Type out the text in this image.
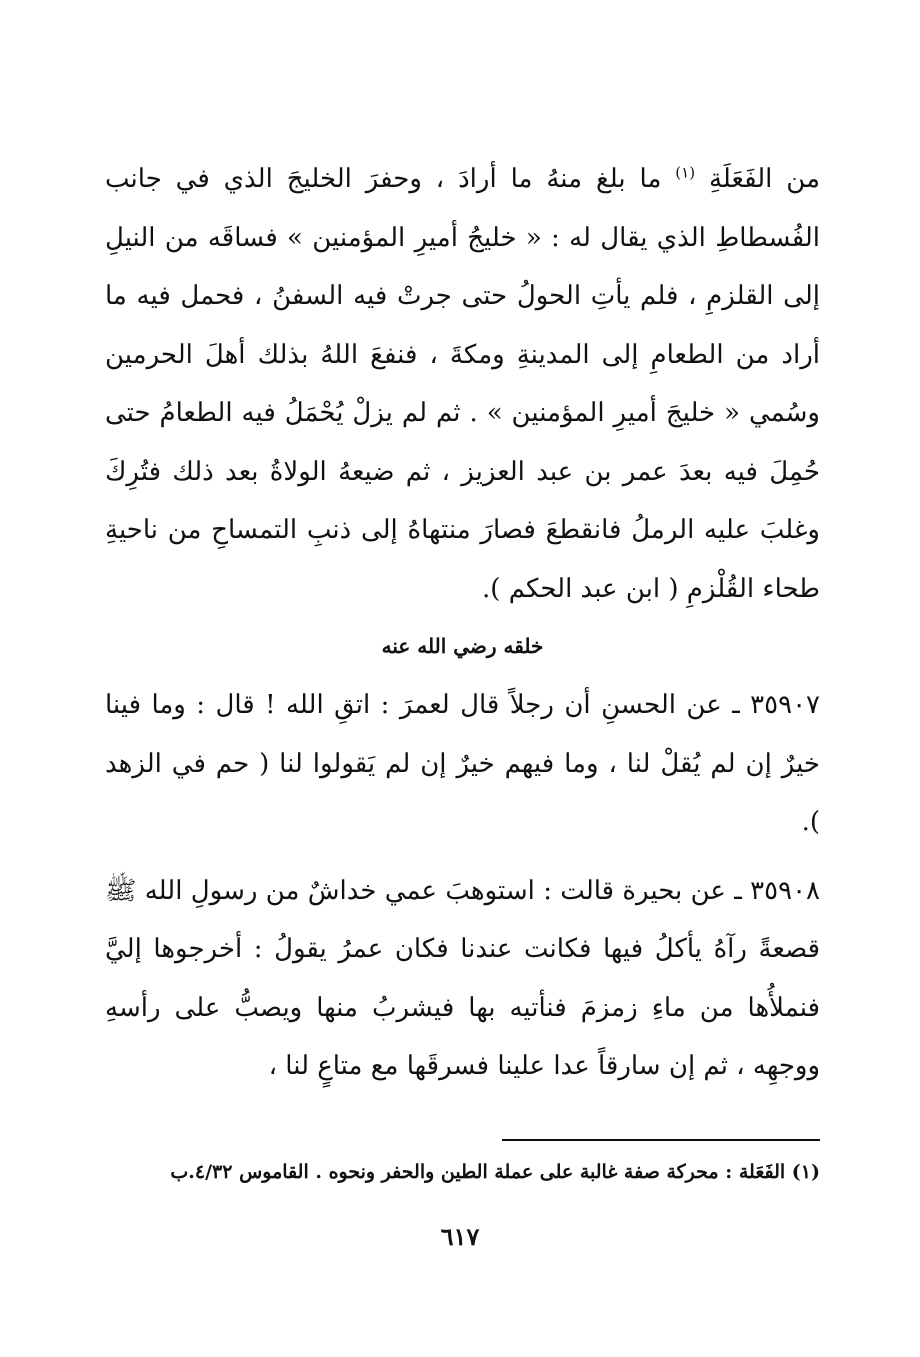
من الفَعَلَةِ $^{(١)}$ ما بلغ منهُ ما أرادَ ، وحفرَ الخليجَ الذي في جانب الفُسطاطِ الذي يقال له : « خليجُ أميرِ المؤمنين » فساقَه من النيلِ إلى القلزمِ ، فلم يأتِ الحولُ حتى جرتْ فيه السفنُ ، فحمل فيه ما أراد من الطعامِ إلى المدينةِ ومكةَ ، فنفعَ اللهُ بذلك أهلَ الحرمين وسُمي « خليجَ أميرِ المؤمنين » . ثم لم يزلْ يُحْمَلُ فيه الطعامُ حتى حُمِلَ فيه بعدَ عمر بن عبد العزيز ، ثم ضيعهُ الولاةُ بعد ذلك فتُرِكَ وغلبَ عليه الرملُ فانقطعَ فصارَ منتهاهُ إلى ذنبِ التمساحِ من ناحيةِ طحاء القُلْزمِ ( ابن عبد الحكم ).

خلقه رضي الله عنه

٣٥٩٠٧ ـ عن الحسنِ أن رجلاً قال لعمرَ : اتقِ الله ! قال : وما فينا خيرٌ إن لم يُقلْ لنا ، وما فيهم خيرٌ إن لم يَقولوا لنا ( حم في الزهد ).

٣٥٩٠٨ ـ عن بحيرة قالت : استوهبَ عمي خداشٌ من رسولِ الله ﷺ قصعةً رآهُ يأكلُ فيها فكانت عندنا فكان عمرُ يقولُ : أخرجوها إليَّ فنملأُها من ماءِ زمزمَ فنأتيه بها فيشربُ منها ويصبُّ على رأسهِ ووجهِه ، ثم إن سارقاً عدا علينا فسرقَها مع متاعٍ لنا ،

(١) الفَعَلة : محركة صفة غالبة على عملة الطين والحفر ونحوه . القاموس ٤/٣٢.ب
٦١٧
